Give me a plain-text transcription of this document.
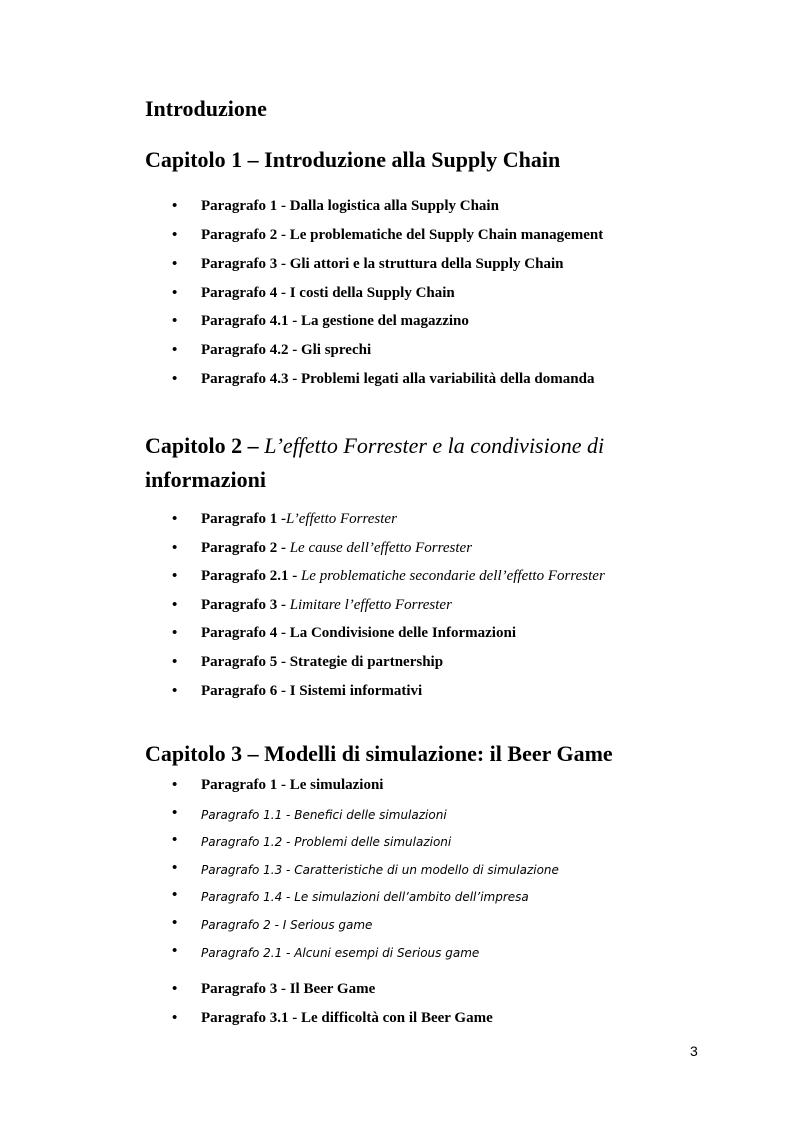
Introduzione
Capitolo 1 – Introduzione alla Supply Chain
• Paragrafo 1 - Dalla logistica alla Supply Chain
• Paragrafo 2 - Le problematiche del Supply Chain management
• Paragrafo 3 - Gli attori e la struttura della Supply Chain
• Paragrafo 4 - I costi della Supply Chain
• Paragrafo 4.1 - La gestione del magazzino
• Paragrafo 4.2 - Gli sprechi
• Paragrafo 4.3 - Problemi legati alla variabilità della domanda
Capitolo 2 – L’effetto Forrester e la condivisione di
informazioni
• Paragrafo 1 -L’effetto Forrester
• Paragrafo 2 - Le cause dell’effetto Forrester
• Paragrafo 2.1 - Le problematiche secondarie dell’effetto Forrester
• Paragrafo 3 - Limitare l’effetto Forrester
• Paragrafo 4 - La Condivisione delle Informazioni
• Paragrafo 5 - Strategie di partnership
• Paragrafo 6 - I Sistemi informativi
Capitolo 3 – Modelli di simulazione: il Beer Game
• Paragrafo 1 - Le simulazioni
• Paragrafo 1.1 - Benefici delle simulazioni
• Paragrafo 1.2 - Problemi delle simulazioni
• Paragrafo 1.3 - Caratteristiche di un modello di simulazione
• Paragrafo 1.4 - Le simulazioni dell’ambito dell’impresa
• Paragrafo 2 - I Serious game
• Paragrafo 2.1 - Alcuni esempi di Serious game
• Paragrafo 3 - Il Beer Game
• Paragrafo 3.1 - Le difficoltà con il Beer Game
3
